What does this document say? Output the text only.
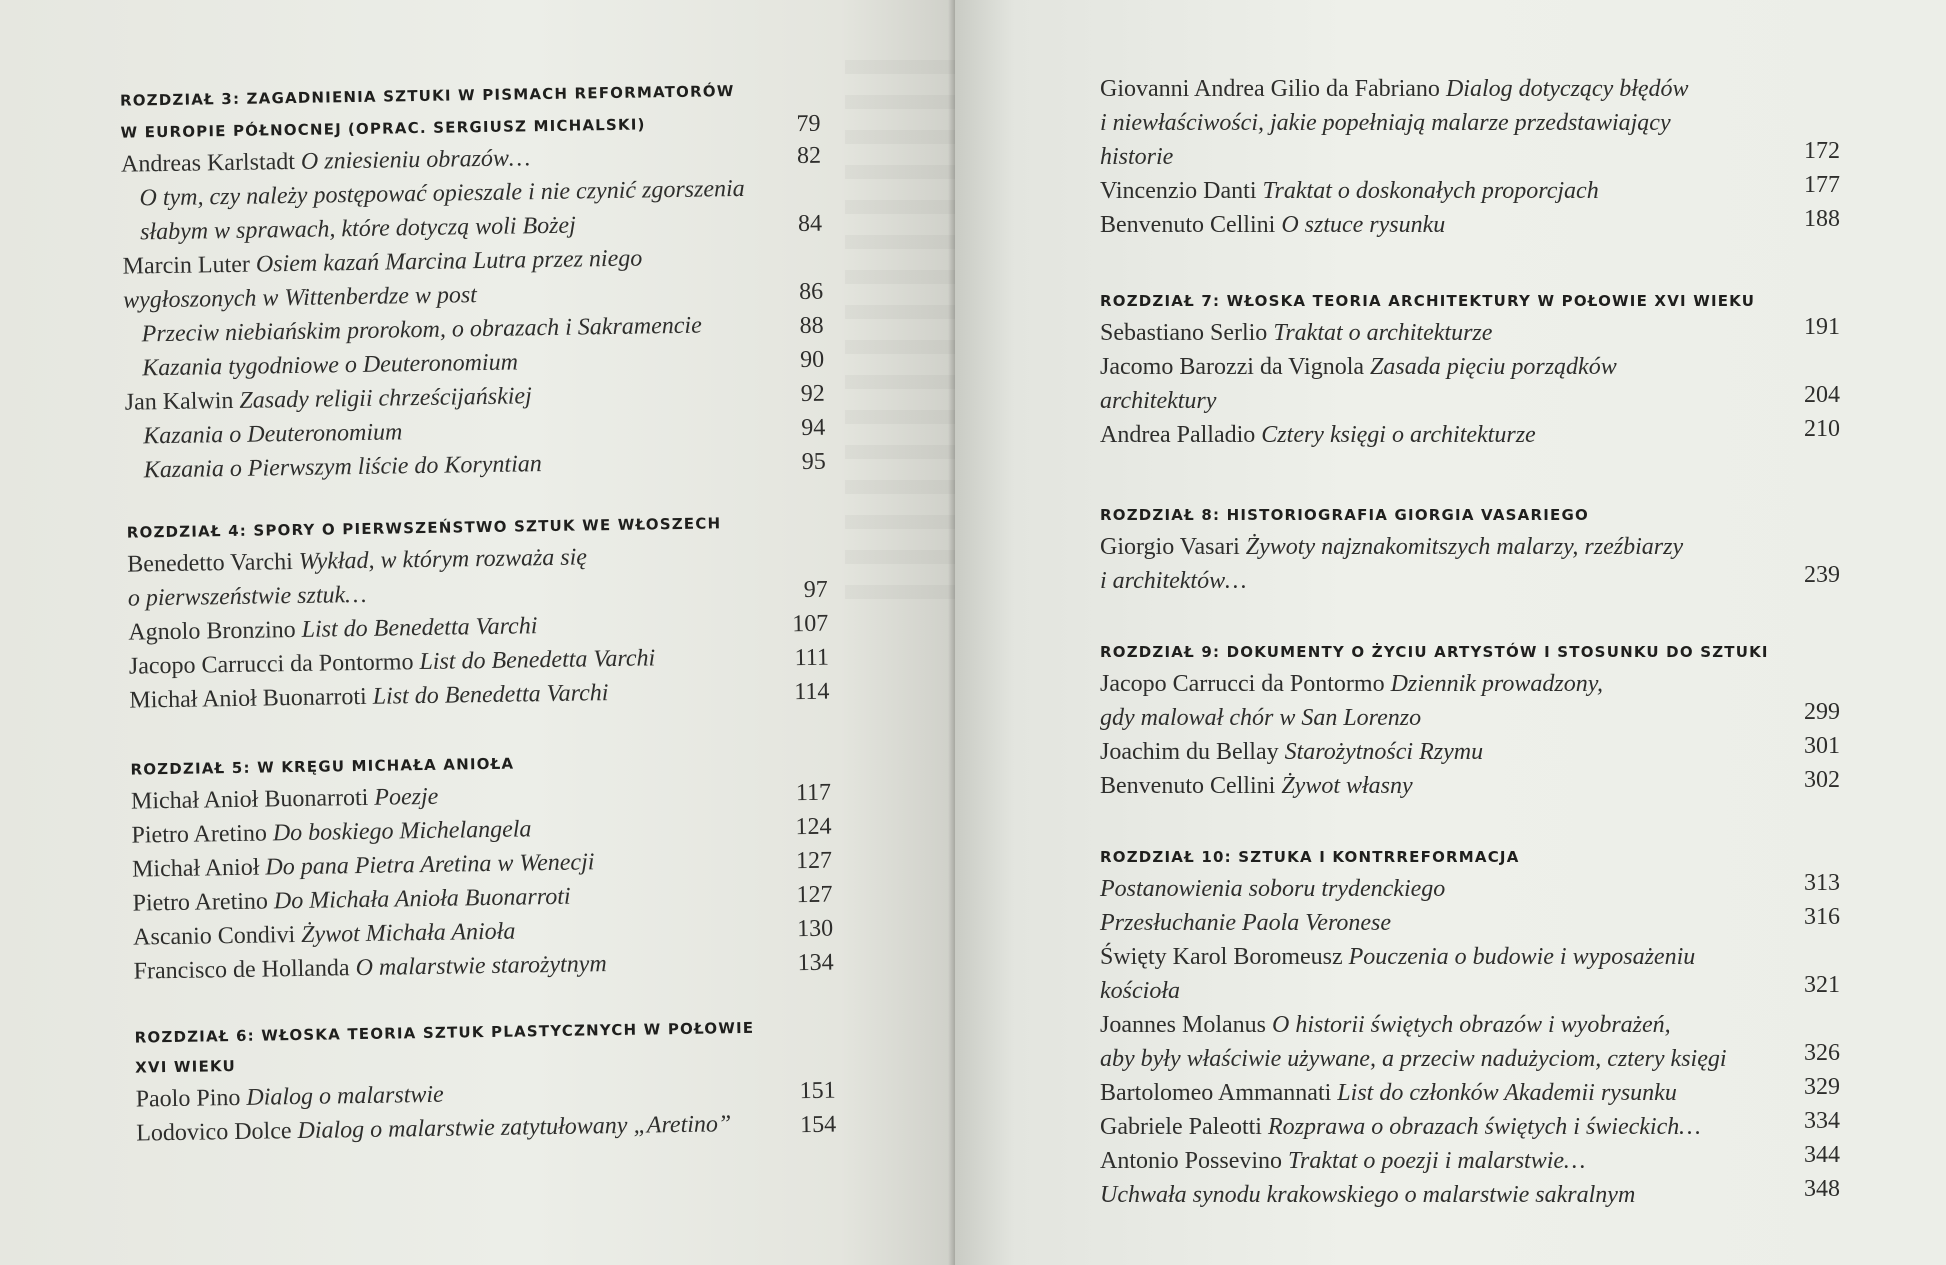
ROZDZIAŁ 3: ZAGADNIENIA SZTUKI W PISMACH REFORMATORÓW
W EUROPIE PÓŁNOCNEJ (OPRAC. SERGIUSZ MICHALSKI)	79
Andreas Karlstadt O zniesieniu obrazów…	82
O tym, czy należy postępować opieszale i nie czynić zgorszenia
słabym w sprawach, które dotyczą woli Bożej	84
Marcin Luter Osiem kazań Marcina Lutra przez niego
wygłoszonych w Wittenberdze w post	86
Przeciw niebiańskim prorokom, o obrazach i Sakramencie	88
Kazania tygodniowe o Deuteronomium	90
Jan Kalwin Zasady religii chrześcijańskiej	92
Kazania o Deuteronomium	94
Kazania o Pierwszym liście do Koryntian	95
ROZDZIAŁ 4: SPORY O PIERWSZEŃSTWO SZTUK WE WŁOSZECH
Benedetto Varchi Wykład, w którym rozważa się
o pierwszeństwie sztuk…	97
Agnolo Bronzino List do Benedetta Varchi	107
Jacopo Carrucci da Pontormo List do Benedetta Varchi	111
Michał Anioł Buonarroti List do Benedetta Varchi	114
ROZDZIAŁ 5: W KRĘGU MICHAŁA ANIOŁA
Michał Anioł Buonarroti Poezje	117
Pietro Aretino Do boskiego Michelangela	124
Michał Anioł Do pana Pietra Aretina w Wenecji	127
Pietro Aretino Do Michała Anioła Buonarroti	127
Ascanio Condivi Żywot Michała Anioła	130
Francisco de Hollanda O malarstwie starożytnym	134
ROZDZIAŁ 6: WŁOSKA TEORIA SZTUK PLASTYCZNYCH W POŁOWIE
XVI WIEKU
Paolo Pino Dialog o malarstwie	151
Lodovico Dolce Dialog o malarstwie zatytułowany „Aretino”	154
Giovanni Andrea Gilio da Fabriano Dialog dotyczący błędów
i niewłaściwości, jakie popełniają malarze przedstawiający
historie	172
Vincenzio Danti Traktat o doskonałych proporcjach	177
Benvenuto Cellini O sztuce rysunku	188
ROZDZIAŁ 7: WŁOSKA TEORIA ARCHITEKTURY W POŁOWIE XVI WIEKU
Sebastiano Serlio Traktat o architekturze	191
Jacomo Barozzi da Vignola Zasada pięciu porządków
architektury	204
Andrea Palladio Cztery księgi o architekturze	210
ROZDZIAŁ 8: HISTORIOGRAFIA GIORGIA VASARIEGO
Giorgio Vasari Żywoty najznakomitszych malarzy, rzeźbiarzy
i architektów…	239
ROZDZIAŁ 9: DOKUMENTY O ŻYCIU ARTYSTÓW I STOSUNKU DO SZTUKI
Jacopo Carrucci da Pontormo Dziennik prowadzony,
gdy malował chór w San Lorenzo	299
Joachim du Bellay Starożytności Rzymu	301
Benvenuto Cellini Żywot własny	302
ROZDZIAŁ 10: SZTUKA I KONTRREFORMACJA
Postanowienia soboru trydenckiego	313
Przesłuchanie Paola Veronese	316
Święty Karol Boromeusz Pouczenia o budowie i wyposażeniu
kościoła	321
Joannes Molanus O historii świętych obrazów i wyobrażeń,
aby były właściwie używane, a przeciw nadużyciom, cztery księgi	326
Bartolomeo Ammannati List do członków Akademii rysunku	329
Gabriele Paleotti Rozprawa o obrazach świętych i świeckich…	334
Antonio Possevino Traktat o poezji i malarstwie…	344
Uchwała synodu krakowskiego o malarstwie sakralnym	348
